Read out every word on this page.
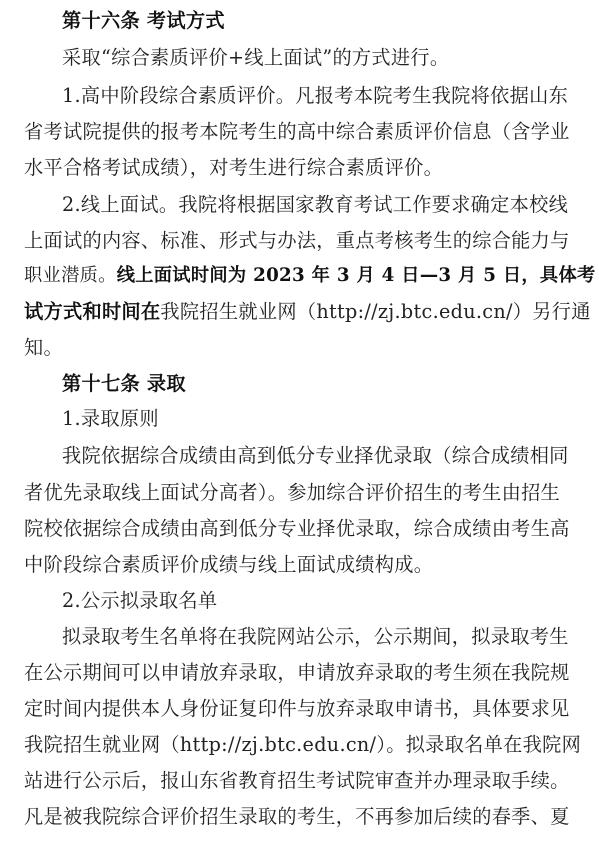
第十六条 考试方式
采取“综合素质评价+线上面试”的方式进行。
1.高中阶段综合素质评价。凡报考本院考生我院将依据山东
省考试院提供的报考本院考生的高中综合素质评价信息（含学业
水平合格考试成绩），对考生进行综合素质评价。
2.线上面试。我院将根据国家教育考试工作要求确定本校线
上面试的内容、标准、形式与办法，重点考核考生的综合能力与
职业潜质。线上面试时间为 2023 年 3 月 4 日—3 月 5 日，具体考
试方式和时间在我院招生就业网（http://zj.btc.edu.cn/）另行通
知。
第十七条 录取
1.录取原则
我院依据综合成绩由高到低分专业择优录取（综合成绩相同
者优先录取线上面试分高者）。参加综合评价招生的考生由招生
院校依据综合成绩由高到低分专业择优录取，综合成绩由考生高
中阶段综合素质评价成绩与线上面试成绩构成。
2.公示拟录取名单
拟录取考生名单将在我院网站公示，公示期间，拟录取考生
在公示期间可以申请放弃录取，申请放弃录取的考生须在我院规
定时间内提供本人身份证复印件与放弃录取申请书，具体要求见
我院招生就业网（http://zj.btc.edu.cn/）。拟录取名单在我院网
站进行公示后，报山东省教育招生考试院审查并办理录取手续。
凡是被我院综合评价招生录取的考生，不再参加后续的春季、夏
